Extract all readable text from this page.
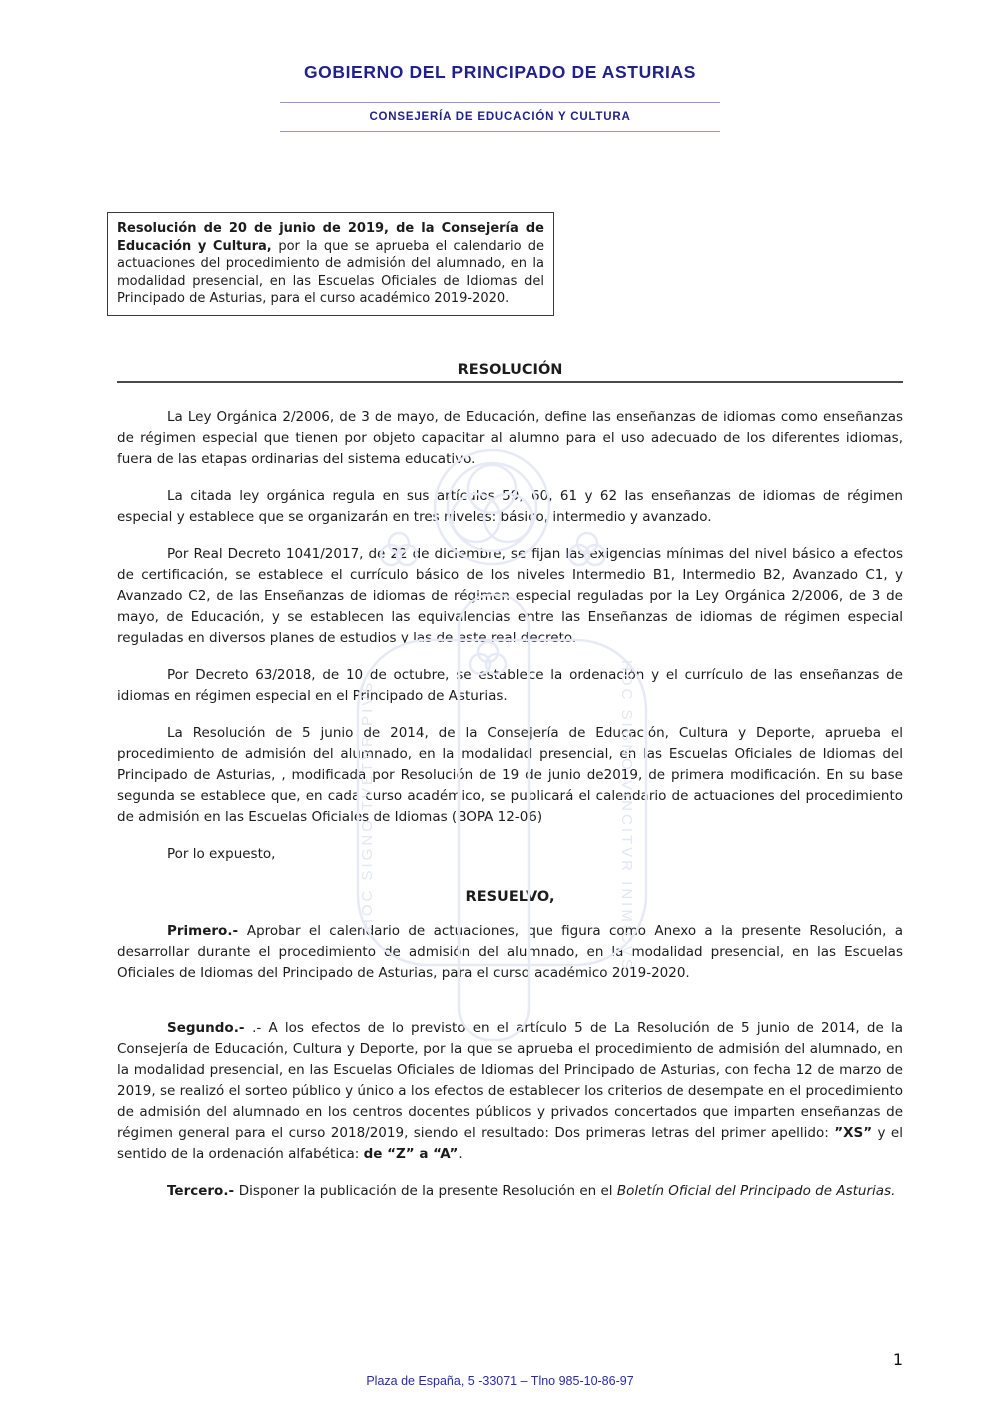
HOC SIGNO TVETVR PIVS	HOC SIGNO VINCITVR INIMICVS
GOBIERNO DEL PRINCIPADO DE ASTURIAS
CONSEJERÍA DE EDUCACIÓN Y CULTURA
Resolución de 20 de junio de 2019, de la Consejería de Educación y Cultura, por la que se aprueba el calendario de actuaciones del procedimiento de admisión del alumnado, en la modalidad presencial, en las Escuelas Oficiales de Idiomas del Principado de Asturias, para el curso académico 2019-2020.
RESOLUCIÓN

La Ley Orgánica 2/2006, de 3 de mayo, de Educación, define las enseñanzas de idiomas como enseñanzas de régimen especial que tienen por objeto capacitar al alumno para el uso adecuado de los diferentes idiomas, fuera de las etapas ordinarias del sistema educativo.

La citada ley orgánica regula en sus artículos 59, 60, 61 y 62 las enseñanzas de idiomas de régimen especial y establece que se organizarán en tres niveles: básico, intermedio y avanzado.

Por Real Decreto 1041/2017, de 22 de diciembre, se fijan las exigencias mínimas del nivel básico a efectos de certificación, se establece el currículo básico de los niveles Intermedio B1, Intermedio B2, Avanzado C1, y Avanzado C2, de las Enseñanzas de idiomas de régimen especial reguladas por la Ley Orgánica 2/2006, de 3 de mayo, de Educación, y se establecen las equivalencias entre las Enseñanzas de idiomas de régimen especial reguladas en diversos planes de estudios y las de este real decreto.

Por Decreto 63/2018, de 10 de octubre, se establece la ordenación y el currículo de las enseñanzas de idiomas en régimen especial en el Principado de Asturias.

La Resolución de 5 junio de 2014, de la Consejería de Educación, Cultura y Deporte, aprueba el procedimiento de admisión del alumnado, en la modalidad presencial, en las Escuelas Oficiales de Idiomas del Principado de Asturias, , modificada por Resolución de 19 de junio de2019, de primera modificación. En su base segunda se establece que, en cada curso académico, se publicará el calendario de actuaciones del procedimiento de admisión en las Escuelas Oficiales de Idiomas (BOPA 12-06)

Por lo expuesto,

RESUELVO,

Primero.- Aprobar el calendario de actuaciones, que figura como Anexo a la presente Resolución, a desarrollar durante el procedimiento de admisión del alumnado, en la modalidad presencial, en las Escuelas Oficiales de Idiomas del Principado de Asturias, para el curso académico 2019-2020.

Segundo.- .- A los efectos de lo previsto en el artículo 5 de La Resolución de 5 junio de 2014, de la Consejería de Educación, Cultura y Deporte, por la que se aprueba el procedimiento de admisión del alumnado, en la modalidad presencial, en las Escuelas Oficiales de Idiomas del Principado de Asturias, con fecha 12 de marzo de 2019, se realizó el sorteo público y único a los efectos de establecer los criterios de desempate en el procedimiento de admisión del alumnado en los centros docentes públicos y privados concertados que imparten enseñanzas de régimen general para el curso 2018/2019, siendo el resultado: Dos primeras letras del primer apellido: ”XS” y el sentido de la ordenación alfabética: de “Z” a “A”.

Tercero.- Disponer la publicación de la presente Resolución en el Boletín Oficial del Principado de Asturias.

1
Plaza de España, 5 -33071 – Tlno 985-10-86-97
